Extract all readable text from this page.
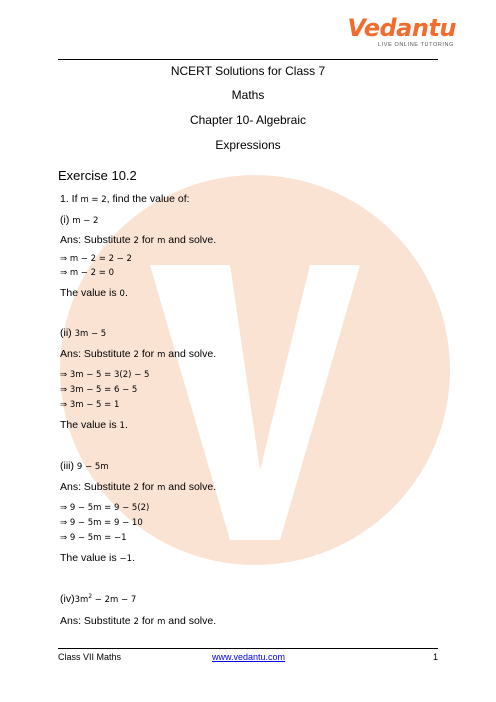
Vedantu
LIVE ONLINE TUTORING
NCERT Solutions for Class 7
Maths
Chapter 10- Algebraic
Expressions
Exercise 10.2
1. If m = 2, find the value of:
(i) m − 2
Ans: Substitute 2 for m and solve.
⇒ m − 2 = 2 − 2
⇒ m − 2 = 0
The value is 0.
(ii) 3m − 5
Ans: Substitute 2 for m and solve.
⇒ 3m − 5 = 3(2) − 5
⇒ 3m − 5 = 6 − 5
⇒ 3m − 5 = 1
The value is 1.
(iii) 9 − 5m
Ans: Substitute 2 for m and solve.
⇒ 9 − 5m = 9 − 5(2)
⇒ 9 − 5m = 9 − 10
⇒ 9 − 5m = −1
The value is −1.
$(iv)3m^2 - 2m - 7$
Ans: Substitute 2 for m and solve.
Class VII Maths	www.vedantu.com	1
